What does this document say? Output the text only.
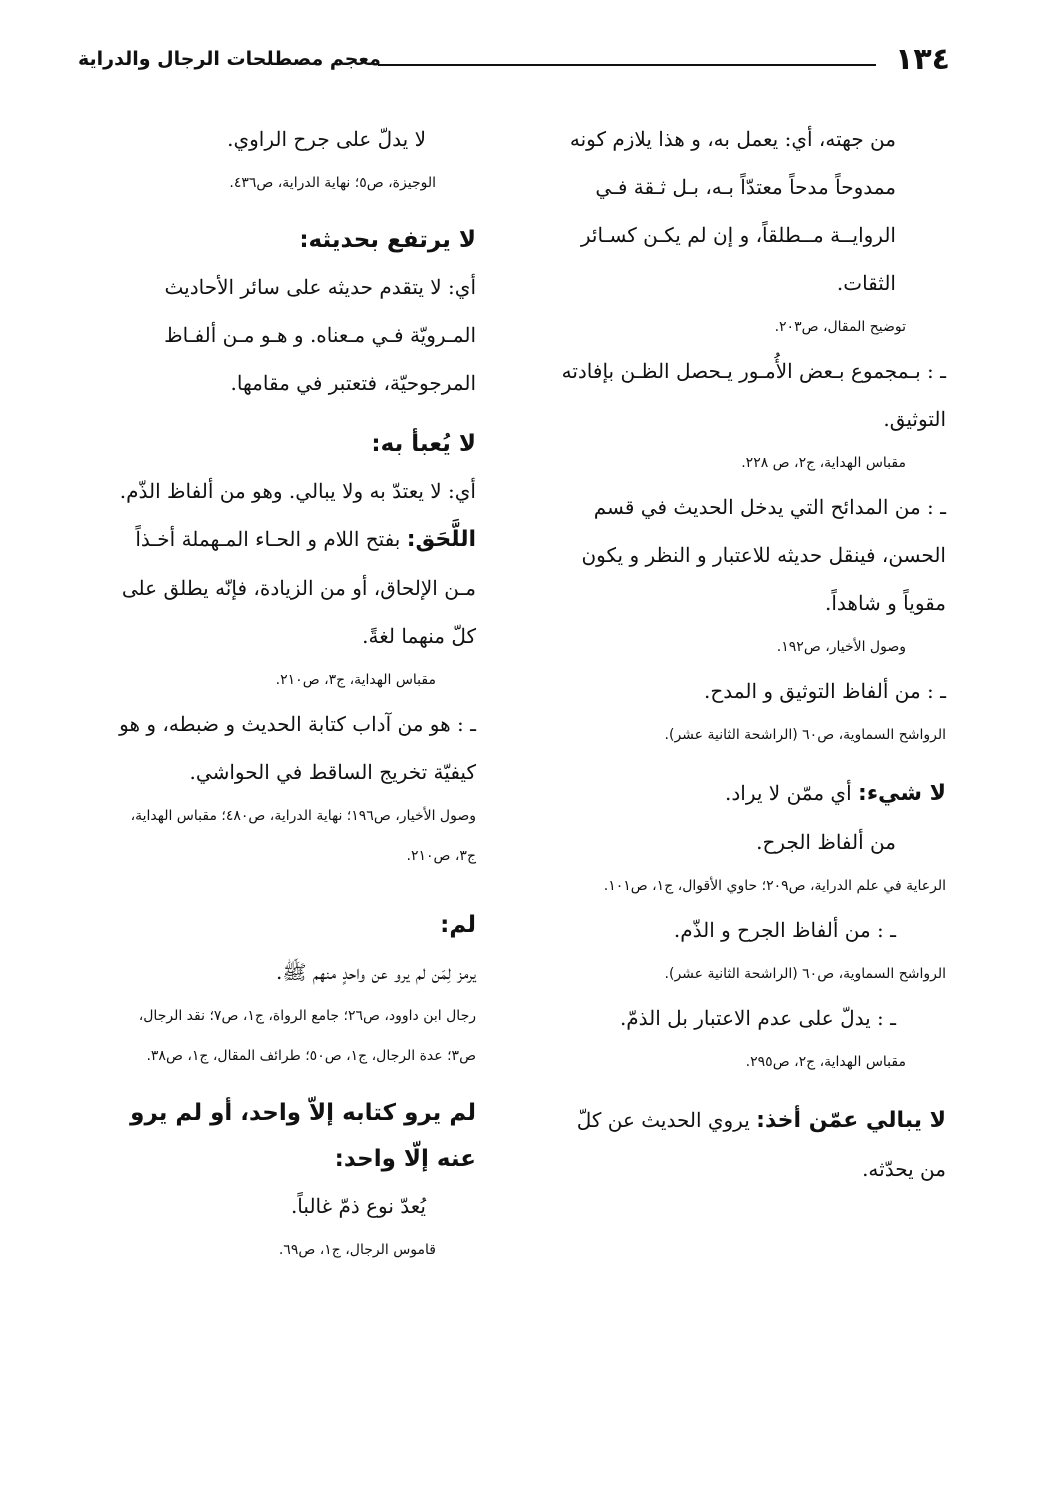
١٣٤
معجم مصطلحات الرجال والدراية

من جهته، أي: يعمل به، و هذا يلازم كونه ممدوحاً مدحاً معتدّاً بـه، بـل ثـقة فـي الروايــة مــطلقاً، و إن لم يكـن كسـائر الثقات.

توضيح المقال، ص٢٠٣.

ـ : بـمجموع بـعض الأُمـور يـحصل الظـن بإفادته التوثيق.

مقباس الهداية، ج٢، ص ٢٢٨.

ـ : من المدائح التي يدخل الحديث في قسم الحسن، فينقل حديثه للاعتبار و النظر و يكون مقوياً و شاهداً.

وصول الأخيار، ص١٩٢.

ـ : من ألفاظ التوثيق و المدح.

الرواشح السماوية، ص٦٠ (الراشحة الثانية عشر).

لا شيء: أي ممّن لا يراد.

من ألفاظ الجرح.

الرعاية في علم الدراية، ص٢٠٩؛ حاوي الأقوال، ج١، ص١٠١.

ـ : من ألفاظ الجرح و الذّم.

الرواشح السماوية، ص٦٠ (الراشحة الثانية عشر).

ـ : يدلّ على عدم الاعتبار بل الذمّ.

مقباس الهداية، ج٢، ص٢٩٥.

لا يبالي عمّن أخذ: يروي الحديث عن كلّ من يحدّثه.

لا يدلّ على جرح الراوي.

الوجيزة، ص٥؛ نهاية الدراية، ص٤٣٦.

لا يرتفع بحديثه:

أي: لا يتقدم حديثه على سائر الأحاديث المـرويّة فـي مـعناه. و هـو مـن ألفـاظ المرجوحيّة، فتعتبر في مقامها.

لا يُعبأ به:

أي: لا يعتدّ به ولا يبالي. وهو من ألفاظ الذّم.

اللَّحَق: بفتح اللام و الحـاء المـهملة أخـذاً مـن الإلحاق، أو من الزيادة، فإنّه يطلق على كلّ منهما لغةً.

مقباس الهداية، ج٣، ص٢١٠.

ـ : هو من آداب كتابة الحديث و ضبطه، و هو كيفيّة تخريج الساقط في الحواشي.

وصول الأخيار، ص١٩٦؛ نهاية الدراية، ص٤٨٠؛ مقباس الهداية، ج٣، ص٢١٠.

لم:

يرمز لِمَن لم يرو عن واحدٍ منهم ﷺ.

رجال ابن داوود، ص٢٦؛ جامع الرواة، ج١، ص٧؛ نقد الرجال، ص٣؛ عدة الرجال، ج١، ص٥٠؛ طرائف المقال، ج١، ص٣٨.

لم يرو كتابه إلاّ واحد، أو لم يرو عنه إلّا واحد:

يُعدّ نوع ذمّ غالباً.

قاموس الرجال، ج١، ص٦٩.
